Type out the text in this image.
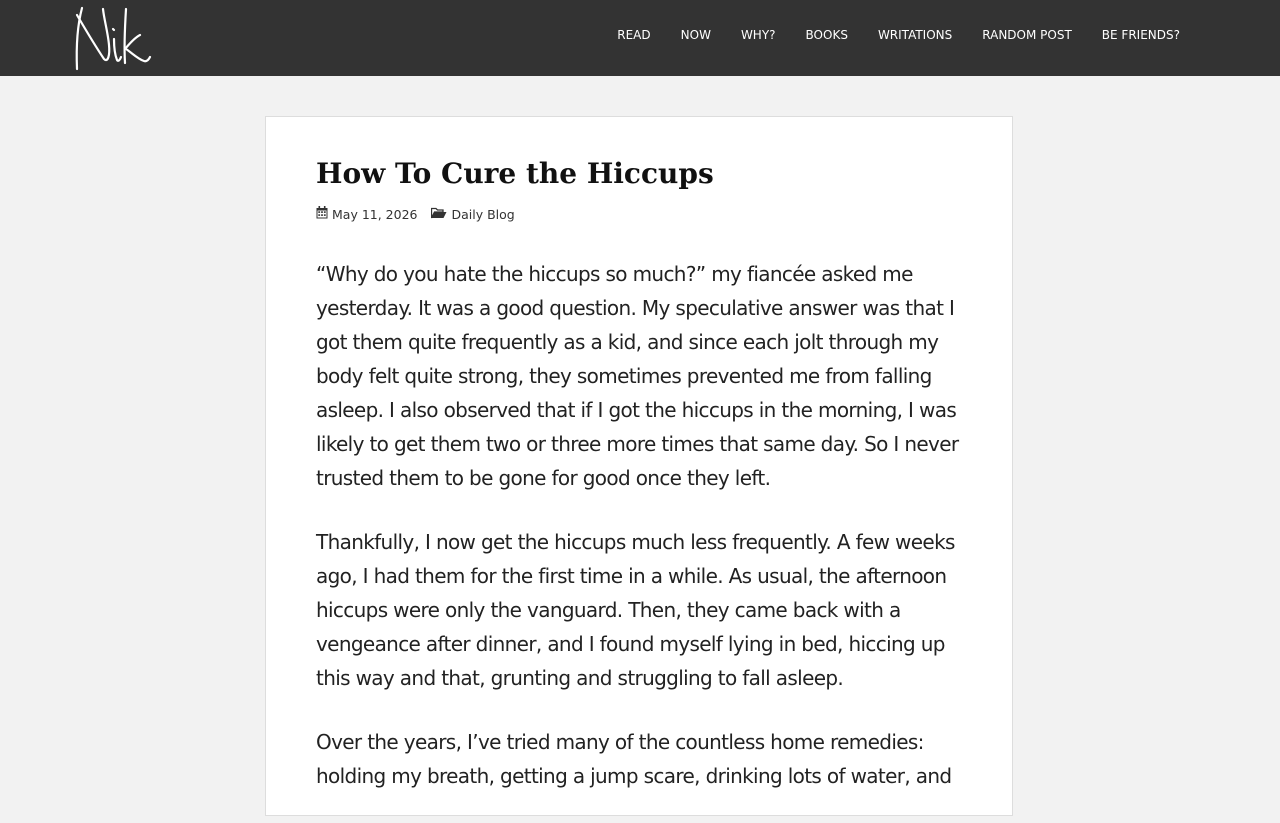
READ	NOW	WHY?	BOOKS	WRITATIONS	RANDOM POST	BE FRIENDS?
How To Cure the Hiccups
May 11, 2026	Daily Blog

“Why do you hate the hiccups so much?” my fiancée asked me yesterday. It was a good question. My speculative answer was that I got them quite frequently as a kid, and since each jolt through my body felt quite strong, they sometimes prevented me from falling asleep. I also observed that if I got the hiccups in the morning, I was likely to get them two or three more times that same day. So I never trusted them to be gone for good once they left.

Thankfully, I now get the hiccups much less frequently. A few weeks ago, I had them for the first time in a while. As usual, the afternoon hiccups were only the vanguard. Then, they came back with a vengeance after dinner, and I found myself lying in bed, hiccing up this way and that, grunting and struggling to fall asleep.

Over the years, I’ve tried many of the countless home remedies: holding my breath, getting a jump scare, drinking lots of water, and
